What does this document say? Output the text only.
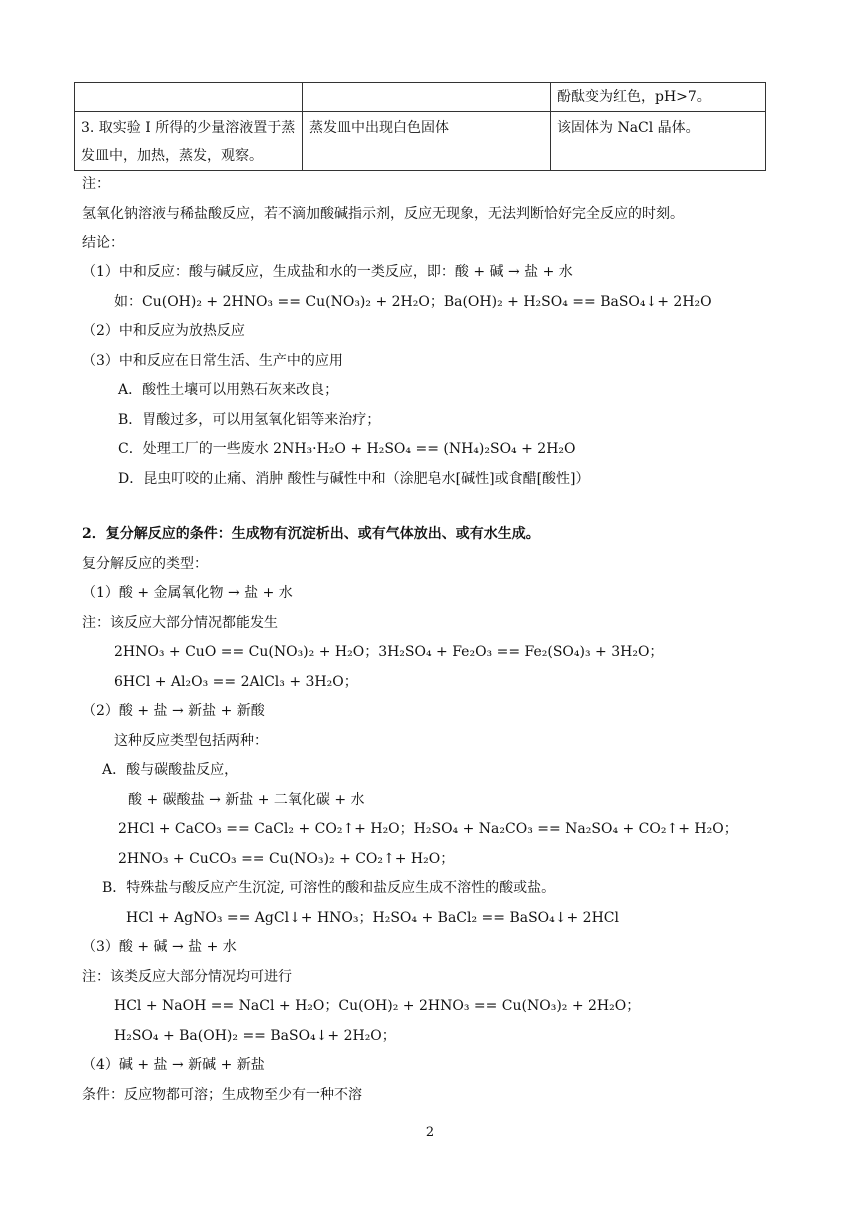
		酚酞变为红色，pH>7。
3. 取实验 I 所得的少量溶液置于蒸发皿中，加热，蒸发，观察。	蒸发皿中出现白色固体	该固体为 NaCl 晶体。
注：
氢氧化钠溶液与稀盐酸反应，若不滴加酸碱指示剂，反应无现象，无法判断恰好完全反应的时刻。
结论：
（1）中和反应：酸与碱反应，生成盐和水的一类反应，即：酸 + 碱 → 盐 + 水
如：Cu(OH)₂ + 2HNO₃ == Cu(NO₃)₂ + 2H₂O；Ba(OH)₂ + H₂SO₄ == BaSO₄↓+ 2H₂O
（2）中和反应为放热反应
（3）中和反应在日常生活、生产中的应用
A．酸性土壤可以用熟石灰来改良；
B．胃酸过多，可以用氢氧化铝等来治疗；
C．处理工厂的一些废水 2NH₃·H₂O + H₂SO₄ == (NH₄)₂SO₄ + 2H₂O
D．昆虫叮咬的止痛、消肿 酸性与碱性中和（涂肥皂水[碱性]或食醋[酸性]）
2．复分解反应的条件：生成物有沉淀析出、或有气体放出、或有水生成。
复分解反应的类型：
（1）酸 + 金属氧化物 → 盐 + 水
注：该反应大部分情况都能发生
2HNO₃ + CuO == Cu(NO₃)₂ + H₂O；3H₂SO₄ + Fe₂O₃ == Fe₂(SO₄)₃ + 3H₂O；
6HCl + Al₂O₃ == 2AlCl₃ + 3H₂O；
（2）酸 + 盐 → 新盐 + 新酸
这种反应类型包括两种：
A．酸与碳酸盐反应，
酸 + 碳酸盐 → 新盐 + 二氧化碳 + 水
2HCl + CaCO₃ == CaCl₂ + CO₂↑+ H₂O；H₂SO₄ + Na₂CO₃ == Na₂SO₄ + CO₂↑+ H₂O；
2HNO₃ + CuCO₃ == Cu(NO₃)₂ + CO₂↑+ H₂O；
B．特殊盐与酸反应产生沉淀, 可溶性的酸和盐反应生成不溶性的酸或盐。
HCl + AgNO₃ == AgCl↓+ HNO₃；H₂SO₄ + BaCl₂ == BaSO₄↓+ 2HCl
（3）酸 + 碱 → 盐 + 水
注：该类反应大部分情况均可进行
HCl + NaOH == NaCl + H₂O；Cu(OH)₂ + 2HNO₃ == Cu(NO₃)₂ + 2H₂O；
H₂SO₄ + Ba(OH)₂ == BaSO₄↓+ 2H₂O；
（4）碱 + 盐 → 新碱 + 新盐
条件：反应物都可溶；生成物至少有一种不溶
2
